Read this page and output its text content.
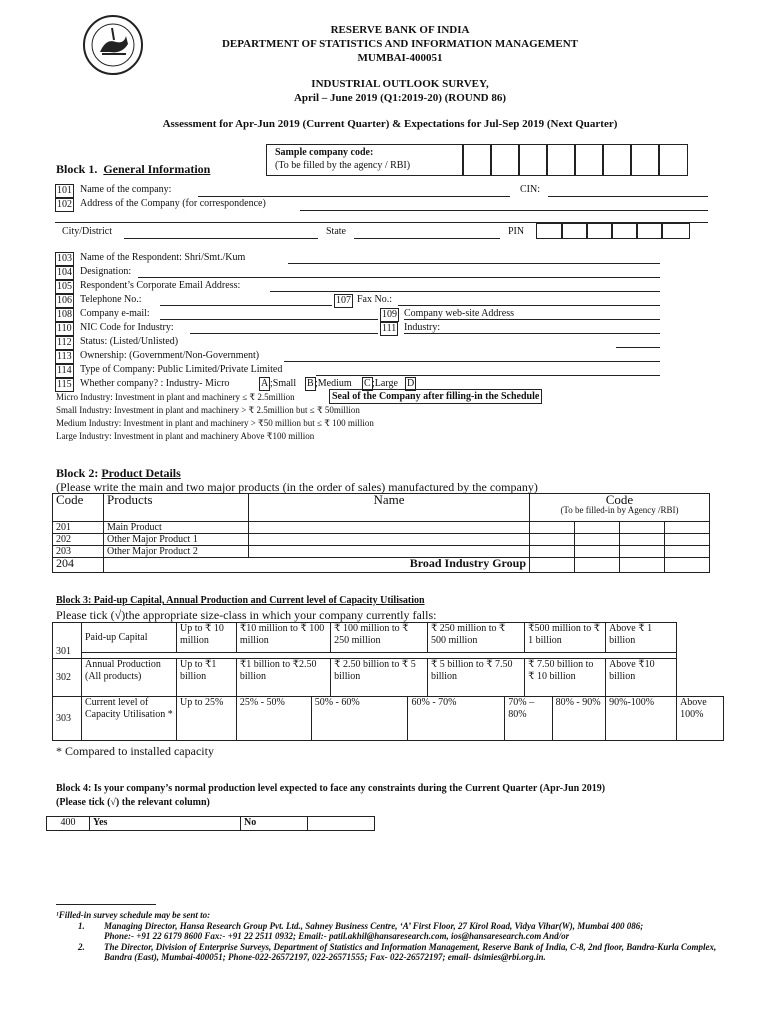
RESERVE BANK OF INDIA
DEPARTMENT OF STATISTICS AND INFORMATION MANAGEMENT
MUMBAI-400051
INDUSTRIAL OUTLOOK SURVEY,
April – June 2019 (Q1:2019-20) (ROUND 86)
Assessment for Apr-Jun 2019 (Current Quarter) & Expectations for Jul-Sep 2019 (Next Quarter)
Sample company code:
(To be filled by the agency / RBI)
Block 1. General Information
101 Name of the company:	CIN:
102 Address of the Company (for correspondence)
City/District	State	PIN
103 Name of the Respondent: Shri/Smt./Kum
104 Designation:
105 Respondent’s Corporate Email Address:
106 Telephone No.:	107 Fax No.:
108 Company e-mail:	109 Company web-site Address
110 NIC Code for Industry:	111 Industry:
112 Status: (Listed/Unlisted)
113 Ownership: (Government/Non-Government)
114 Type of Company: Public Limited/Private Limited
115 Whether company? : Industry- Micro	A ;Small B ;Medium C ;Large D
Micro Industry: Investment in plant and machinery ≤ ₹ 2.5million	Seal of the Company after filling-in the Schedule
Small Industry: Investment in plant and machinery > ₹ 2.5million but ≤ ₹ 50million
Medium Industry: Investment in plant and machinery > ₹50 million but ≤ ₹ 100 million
Large Industry: Investment in plant and machinery Above ₹100 million
Block 2: Product Details
(Please write the main and two major products (in the order of sales) manufactured by the company)
Code	Products	Name	Code
(To be filled-in by Agency /RBI)			

201	Main Product					
202	Other Major Product 1					
203	Other Major Product 2					
204	Broad Industry Group					
Block 3: Paid-up Capital, Annual Production and Current level of Capacity Utilisation
Please tick (√)the appropriate size-class in which your company currently falls:
301	Paid-up Capital	Up to ₹ 10 million	₹10 million to ₹ 100 million		₹ 100 million to ₹ 250 million		₹ 250 million to ₹ 500 million		₹500 million to ₹ 1 billion		Above ₹ 1 billion	

302	Annual Production (All products)	Up to ₹1 billion	₹1 billion to ₹2.50 billion		₹ 2.50 billion to ₹ 5 billion		₹ 5 billion to ₹ 7.50 billion		₹ 7.50 billion to ₹ 10 billion		Above ₹10 billion	
303	Current level of Capacity Utilisation *	Up to 25%	25% - 50%	50% - 60%		60% - 70%		70% – 80%		80% - 90%	90%-100%	Above 100%
* Compared to installed capacity
Block 4: Is your company’s normal production level expected to face any constraints during the Current Quarter (Apr-Jun 2019)
(Please tick (√) the relevant column)
400	Yes	No	
¹Filled-in survey schedule may be sent to:
1. Managing Director, Hansa Research Group Pvt. Ltd., Sahney Business Centre, ‘A’ First Floor, 27 Kirol Road, Vidya Vihar(W), Mumbai 400 086;
Phone:- +91 22 6179 8600 Fax:- +91 22 2511 0932; Email:- patil.akhil@hansaresearch.com, ios@hansaresearch.com And/or
2. The Director, Division of Enterprise Surveys, Department of Statistics and Information Management, Reserve Bank of India, C-8, 2nd floor, Bandra-Kurla Complex,
Bandra (East), Mumbai-400051; Phone-022-26572197, 022-26571555; Fax- 022-26572197; email- dsimies@rbi.org.in.
